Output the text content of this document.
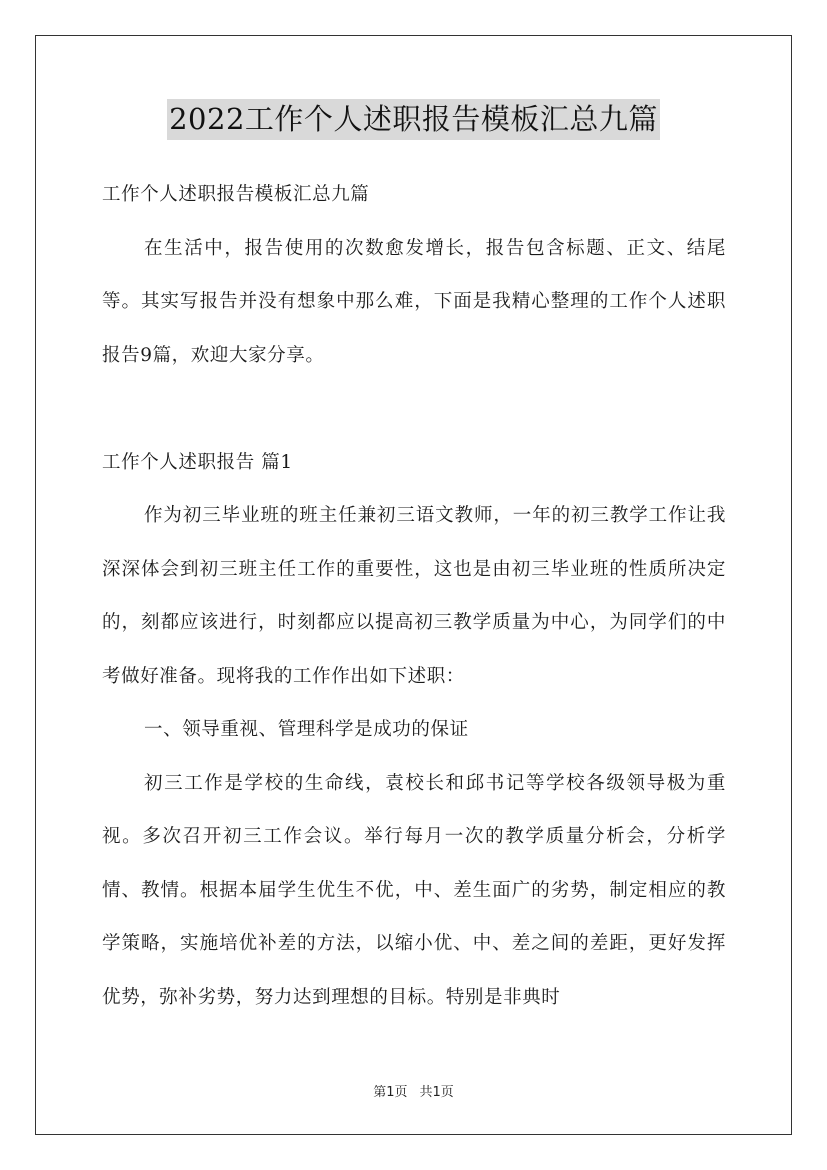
2022工作个人述职报告模板汇总九篇

工作个人述职报告模板汇总九篇

在生活中，报告使用的次数愈发增长，报告包含标题、正文、结尾等。其实写报告并没有想象中那么难，下面是我精心整理的工作个人述职报告9篇，欢迎大家分享。

工作个人述职报告 篇1

作为初三毕业班的班主任兼初三语文教师，一年的初三教学工作让我深深体会到初三班主任工作的重要性，这也是由初三毕业班的性质所决定的，刻都应该进行，时刻都应以提高初三教学质量为中心，为同学们的中考做好准备。现将我的工作作出如下述职：

一、领导重视、管理科学是成功的保证

初三工作是学校的生命线，袁校长和邱书记等学校各级领导极为重视。多次召开初三工作会议。举行每月一次的教学质量分析会，分析学情、教情。根据本届学生优生不优，中、差生面广的劣势，制定相应的教学策略，实施培优补差的方法，以缩小优、中、差之间的差距，更好发挥优势，弥补劣势，努力达到理想的目标。特别是非典时

第1页 共1页
